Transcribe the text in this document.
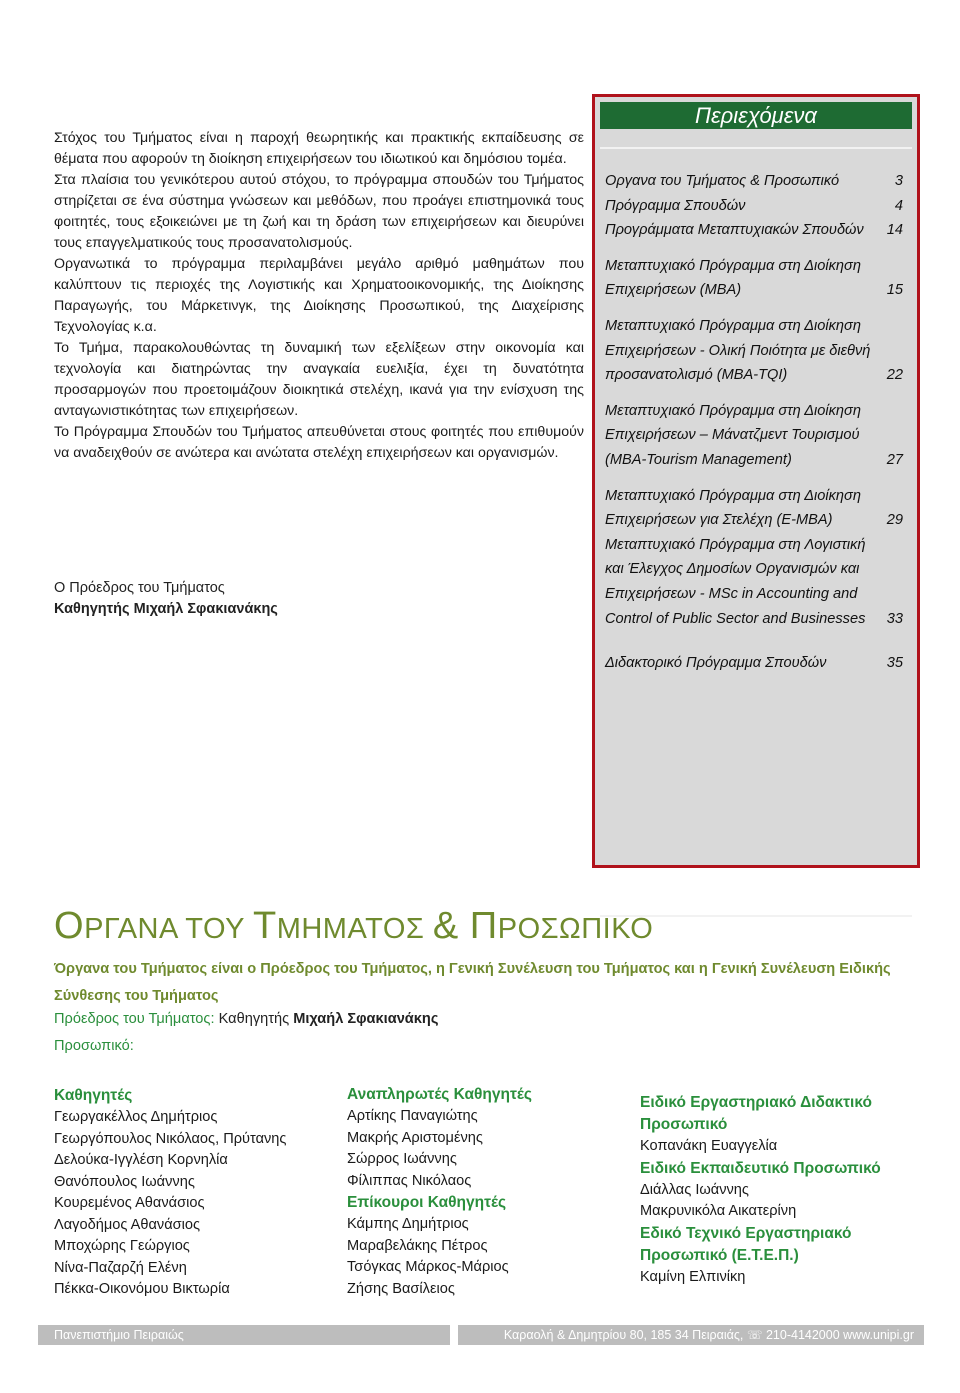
Στόχος του Τμήματος είναι η παροχή θεωρητικής και πρακτικής εκπαίδευσης σε θέματα που αφορούν τη διοίκηση επιχειρήσεων του ιδιωτικού και δημόσιου τομέα.

Στα πλαίσια του γενικότερου αυτού στόχου, το πρόγραμμα σπουδών του Τμήματος στηρίζεται σε ένα σύστημα γνώσεων και μεθόδων, που προάγει επιστημονικά τους φοιτητές, τους εξοικειώνει με τη ζωή και τη δράση των επιχειρήσεων και διευρύνει τους επαγγελματικούς τους προσανατολισμούς.

Οργανωτικά το πρόγραμμα περιλαμβάνει μεγάλο αριθμό μαθημάτων που καλύπτουν τις περιοχές της Λογιστικής και Χρηματοοικονομικής, της Διοίκησης Παραγωγής, του Μάρκετινγκ, της Διοίκησης Προσωπικού, της Διαχείρισης Τεχνολογίας κ.α.

Το Τμήμα, παρακολουθώντας τη δυναμική των εξελίξεων στην οικονομία και τεχνολογία και διατηρώντας την αναγκαία ευελιξία, έχει τη δυνατότητα προσαρμογών που προετοιμάζουν διοικητικά στελέχη, ικανά για την ενίσχυση της ανταγωνιστικότητας των επιχειρήσεων.

Το Πρόγραμμα Σπουδών του Τμήματος απευθύνεται στους φοιτητές που επιθυμούν να αναδειχθούν σε ανώτερα και ανώτατα στελέχη επιχειρήσεων και οργανισμών.

Ο Πρόεδρος του Τμήματος
Καθηγητής Μιχαήλ Σφακιανάκης
Περιεχόμενα
Οργανα του Τμήματος & Προσωπικό	3
Πρόγραμμα Σπουδών	4
Προγράμματα Μεταπτυχιακών Σπουδών 14
Μεταπτυχιακό Πρόγραμμα στη Διοίκηση Επιχειρήσεων (MBA)	15
Μεταπτυχιακό Πρόγραμμα στη Διοίκηση Επιχειρήσεων - Ολική Ποιότητα με διεθνή προσανατολισμό (MBA-TQI)	22
Μεταπτυχιακό Πρόγραμμα στη Διοίκηση Επιχειρήσεων – Μάνατζμεντ Τουρισμού (MBA-Tourism Management)	27
Μεταπτυχιακό Πρόγραμμα στη Διοίκηση Επιχειρήσεων για Στελέχη (E-MBA)	29
Μεταπτυχιακό Πρόγραμμα στη Λογιστική και Έλεγχος Δημοσίων Οργανισμών και Επιχειρήσεων - MSc in Accounting and Control of Public Sector and Businesses 33
Διδακτορικό Πρόγραμμα Σπουδών	35
ΟΡΓΑΝΑ ΤΟΥ ΤΜΗΜΑΤΟΣ & ΠΡΟΣΩΠΙΚΟ
Όργανα του Τμήματος είναι ο Πρόεδρος του Τμήματος, η Γενική Συνέλευση του Τμήματος και η Γενική Συνέλευση Ειδικής Σύνθεσης του Τμήματος
Πρόεδρος του Τμήματος: Καθηγητής Μιχαήλ Σφακιανάκης
Προσωπικό:
Καθηγητές
Γεωργακέλλος Δημήτριος
Γεωργόπουλος Νικόλαος, Πρύτανης
Δελούκα-Ιγγλέση Κορνηλία
Θανόπουλος Ιωάννης
Κουρεμένος Αθανάσιος
Λαγοδήμος Αθανάσιος
Μποχώρης Γεώργιος
Νίνα-Παζαρζή Ελένη
Πέκκα-Οικονόμου Βικτωρία
Αναπληρωτές Καθηγητές
Αρτίκης Παναγιώτης
Μακρής Αριστομένης
Σώρρος Ιωάννης
Φίλιππας Νικόλαος
Επίκουροι Καθηγητές
Κάμπης Δημήτριος
Μαραβελάκης Πέτρος
Τσόγκας Μάρκος-Μάριος
Ζήσης Βασίλειος
Ειδικό Εργαστηριακό Διδακτικό Προσωπικό
Κοπανάκη Ευαγγελία
Ειδικό Εκπαιδευτικό Προσωπικό
Διάλλας Ιωάννης
Μακρυνικόλα Αικατερίνη
Εδικό Τεχνικό Εργαστηριακό Προσωπικό (Ε.Τ.Ε.Π.)
Καμίνη Ελπινίκη
Πανεπιστήμιο Πειραιώς	Καραολή & Δημητρίου 80, 185 34 Πειραιάς, ☏ 210-4142000 www.unipi.gr
